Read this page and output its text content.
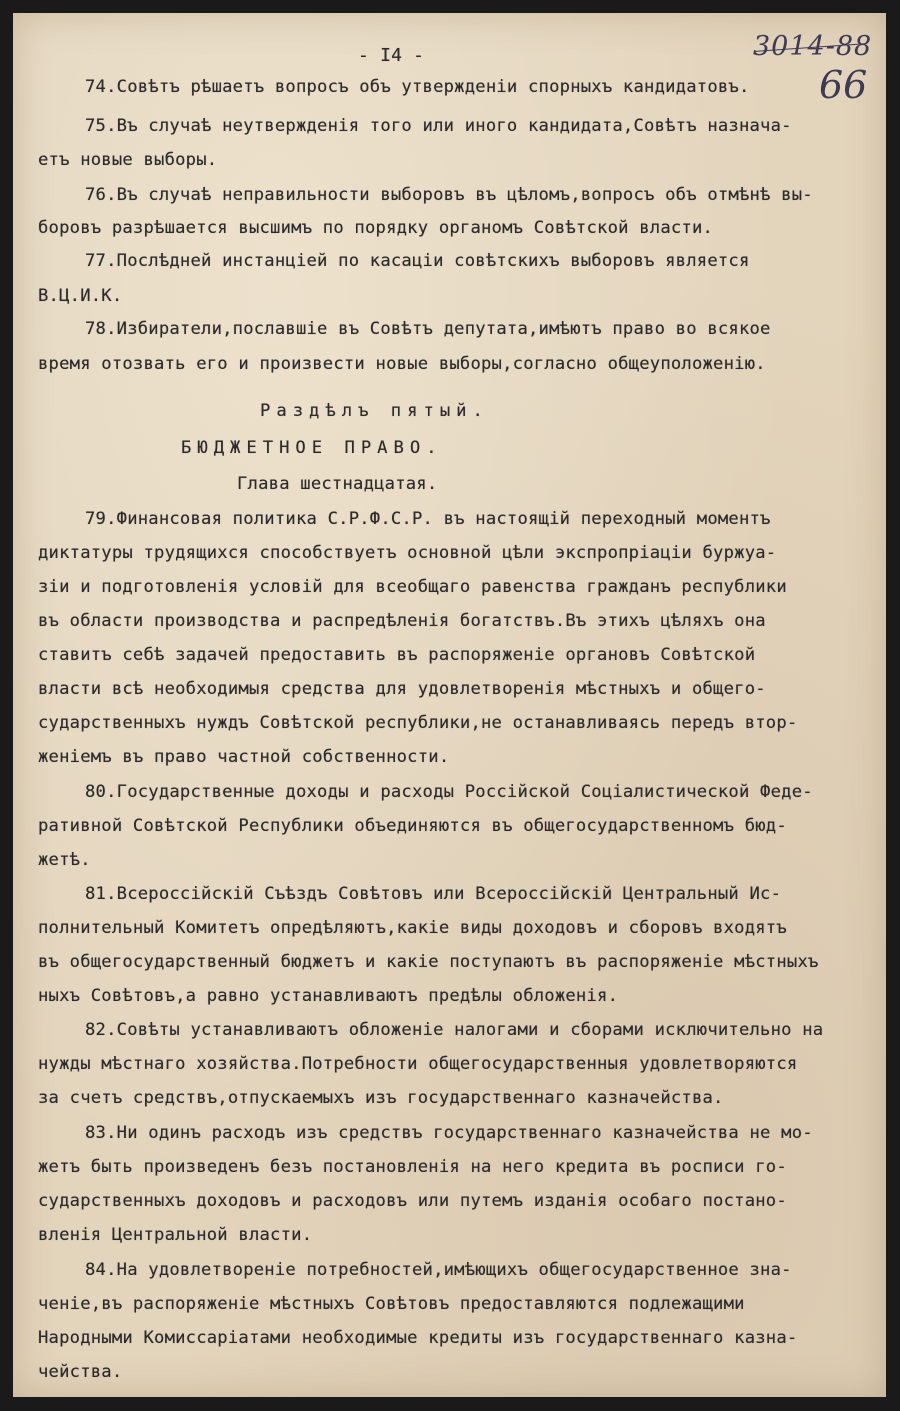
- I4 -	3014-88
66
74.Совѣтъ рѣшаетъ вопросъ объ утвержденіи спорныхъ кандидатовъ.
75.Въ случаѣ неутвержденія того или иного кандидата,Совѣтъ назнача-
етъ новые выборы.
76.Въ случаѣ неправильности выборовъ въ цѣломъ,вопросъ объ отмѣнѣ вы-
боровъ разрѣшается высшимъ по порядку органомъ Совѣтской власти.
77.Послѣдней инстанціей по касаціи совѣтскихъ выборовъ является
В.Ц.И.К.
78.Избиратели,пославшіе въ Совѣтъ депутата,имѣютъ право во всякое
время отозвать его и произвести новые выборы,согласно общеуположенію.
Раздѣлъ пятый.
БЮДЖЕТНОЕ ПРАВО.
Глава шестнадцатая.
79.Финансовая политика С.Р.Ф.С.Р. въ настоящій переходный моментъ
диктатуры трудящихся способствуетъ основной цѣли экспропріаціи буржуа-
зіи и подготовленія условій для всеобщаго равенства гражданъ республики
въ области производства и распредѣленія богатствъ.Въ этихъ цѣляхъ она
ставитъ себѣ задачей предоставить въ распоряженіе органовъ Совѣтской
власти всѣ необходимыя средства для удовлетворенія мѣстныхъ и общего-
сударственныхъ нуждъ Совѣтской республики,не останавливаясь передъ втор-
женіемъ въ право частной собственности.
80.Государственные доходы и расходы Россійской Соціалистической Феде-
ративной Совѣтской Республики объединяются въ общегосударственномъ бюд-
жетѣ.
81.Всероссійскій Съѣздъ Совѣтовъ или Всероссійскій Центральный Ис-
полнительный Комитетъ опредѣляютъ,какіе виды доходовъ и сборовъ входятъ
въ общегосударственный бюджетъ и какіе поступаютъ въ распоряженіе мѣстныхъ
ныхъ Совѣтовъ,а равно устанавливаютъ предѣлы обложенія.
82.Совѣты устанавливаютъ обложеніе налогами и сборами исключительно на
нужды мѣстнаго хозяйства.Потребности общегосударственныя удовлетворяются
за счетъ средствъ,отпускаемыхъ изъ государственнаго казначейства.
83.Ни одинъ расходъ изъ средствъ государственнаго казначейства не мо-
жетъ быть произведенъ безъ постановленія на него кредита въ росписи го-
сударственныхъ доходовъ и расходовъ или путемъ изданія особаго постано-
вленія Центральной власти.
84.На удовлетвореніе потребностей,имѣющихъ общегосударственное зна-
ченіе,въ распоряженіе мѣстныхъ Совѣтовъ предоставляются подлежащими
Народными Комиссаріатами необходимые кредиты изъ государственнаго казна-
чейства.
